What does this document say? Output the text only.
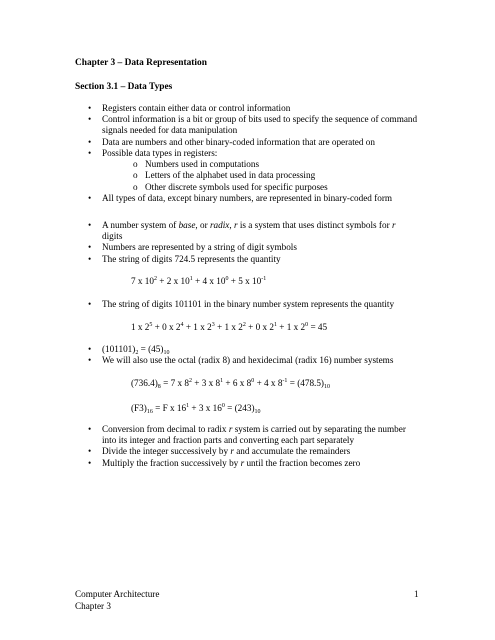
Chapter 3 – Data Representation
Section 3.1 – Data Types
• Registers contain either data or control information
• Control information is a bit or group of bits used to specify the sequence of command signals needed for data manipulation
• Data are numbers and other binary-coded information that are operated on
• Possible data types in registers:
o Numbers used in computations
o Letters of the alphabet used in data processing
o Other discrete symbols used for specific purposes
• All types of data, except binary numbers, are represented in binary-coded form
• A number system of base, or radix, r is a system that uses distinct symbols for r digits
• Numbers are represented by a string of digit symbols
• The string of digits 724.5 represents the quantity
7 x $10^2 + 2$ x $10^1 + 4$ x $10^0 + 5$ x $10^{-1}$
• The string of digits 101101 in the binary number system represents the quantity
1 x $2^5 + 0$ x $2^4 + 1$ x $2^3 + 1$ x $2^2 + 0$ x $2^1 + 1$ x $2^0 = 45$
• $(101101)_2 = (45)_{10}$
• We will also use the octal (radix 8) and hexidecimal (radix 16) number systems
$(736.4)_8 = 7$ x $8^2 + 3$ x $8^1 + 6$ x $8^0 + 4$ x $8^{-1} = (478.5)_{10}$
$(F3)_{16} = F$ x $16^1 + 3$ x $16^0 = (243)_{10}$
• Conversion from decimal to radix r system is carried out by separating the number into its integer and fraction parts and converting each part separately
• Divide the integer successively by r and accumulate the remainders
• Multiply the fraction successively by r until the fraction becomes zero
Computer Architecture
Chapter 3
1
